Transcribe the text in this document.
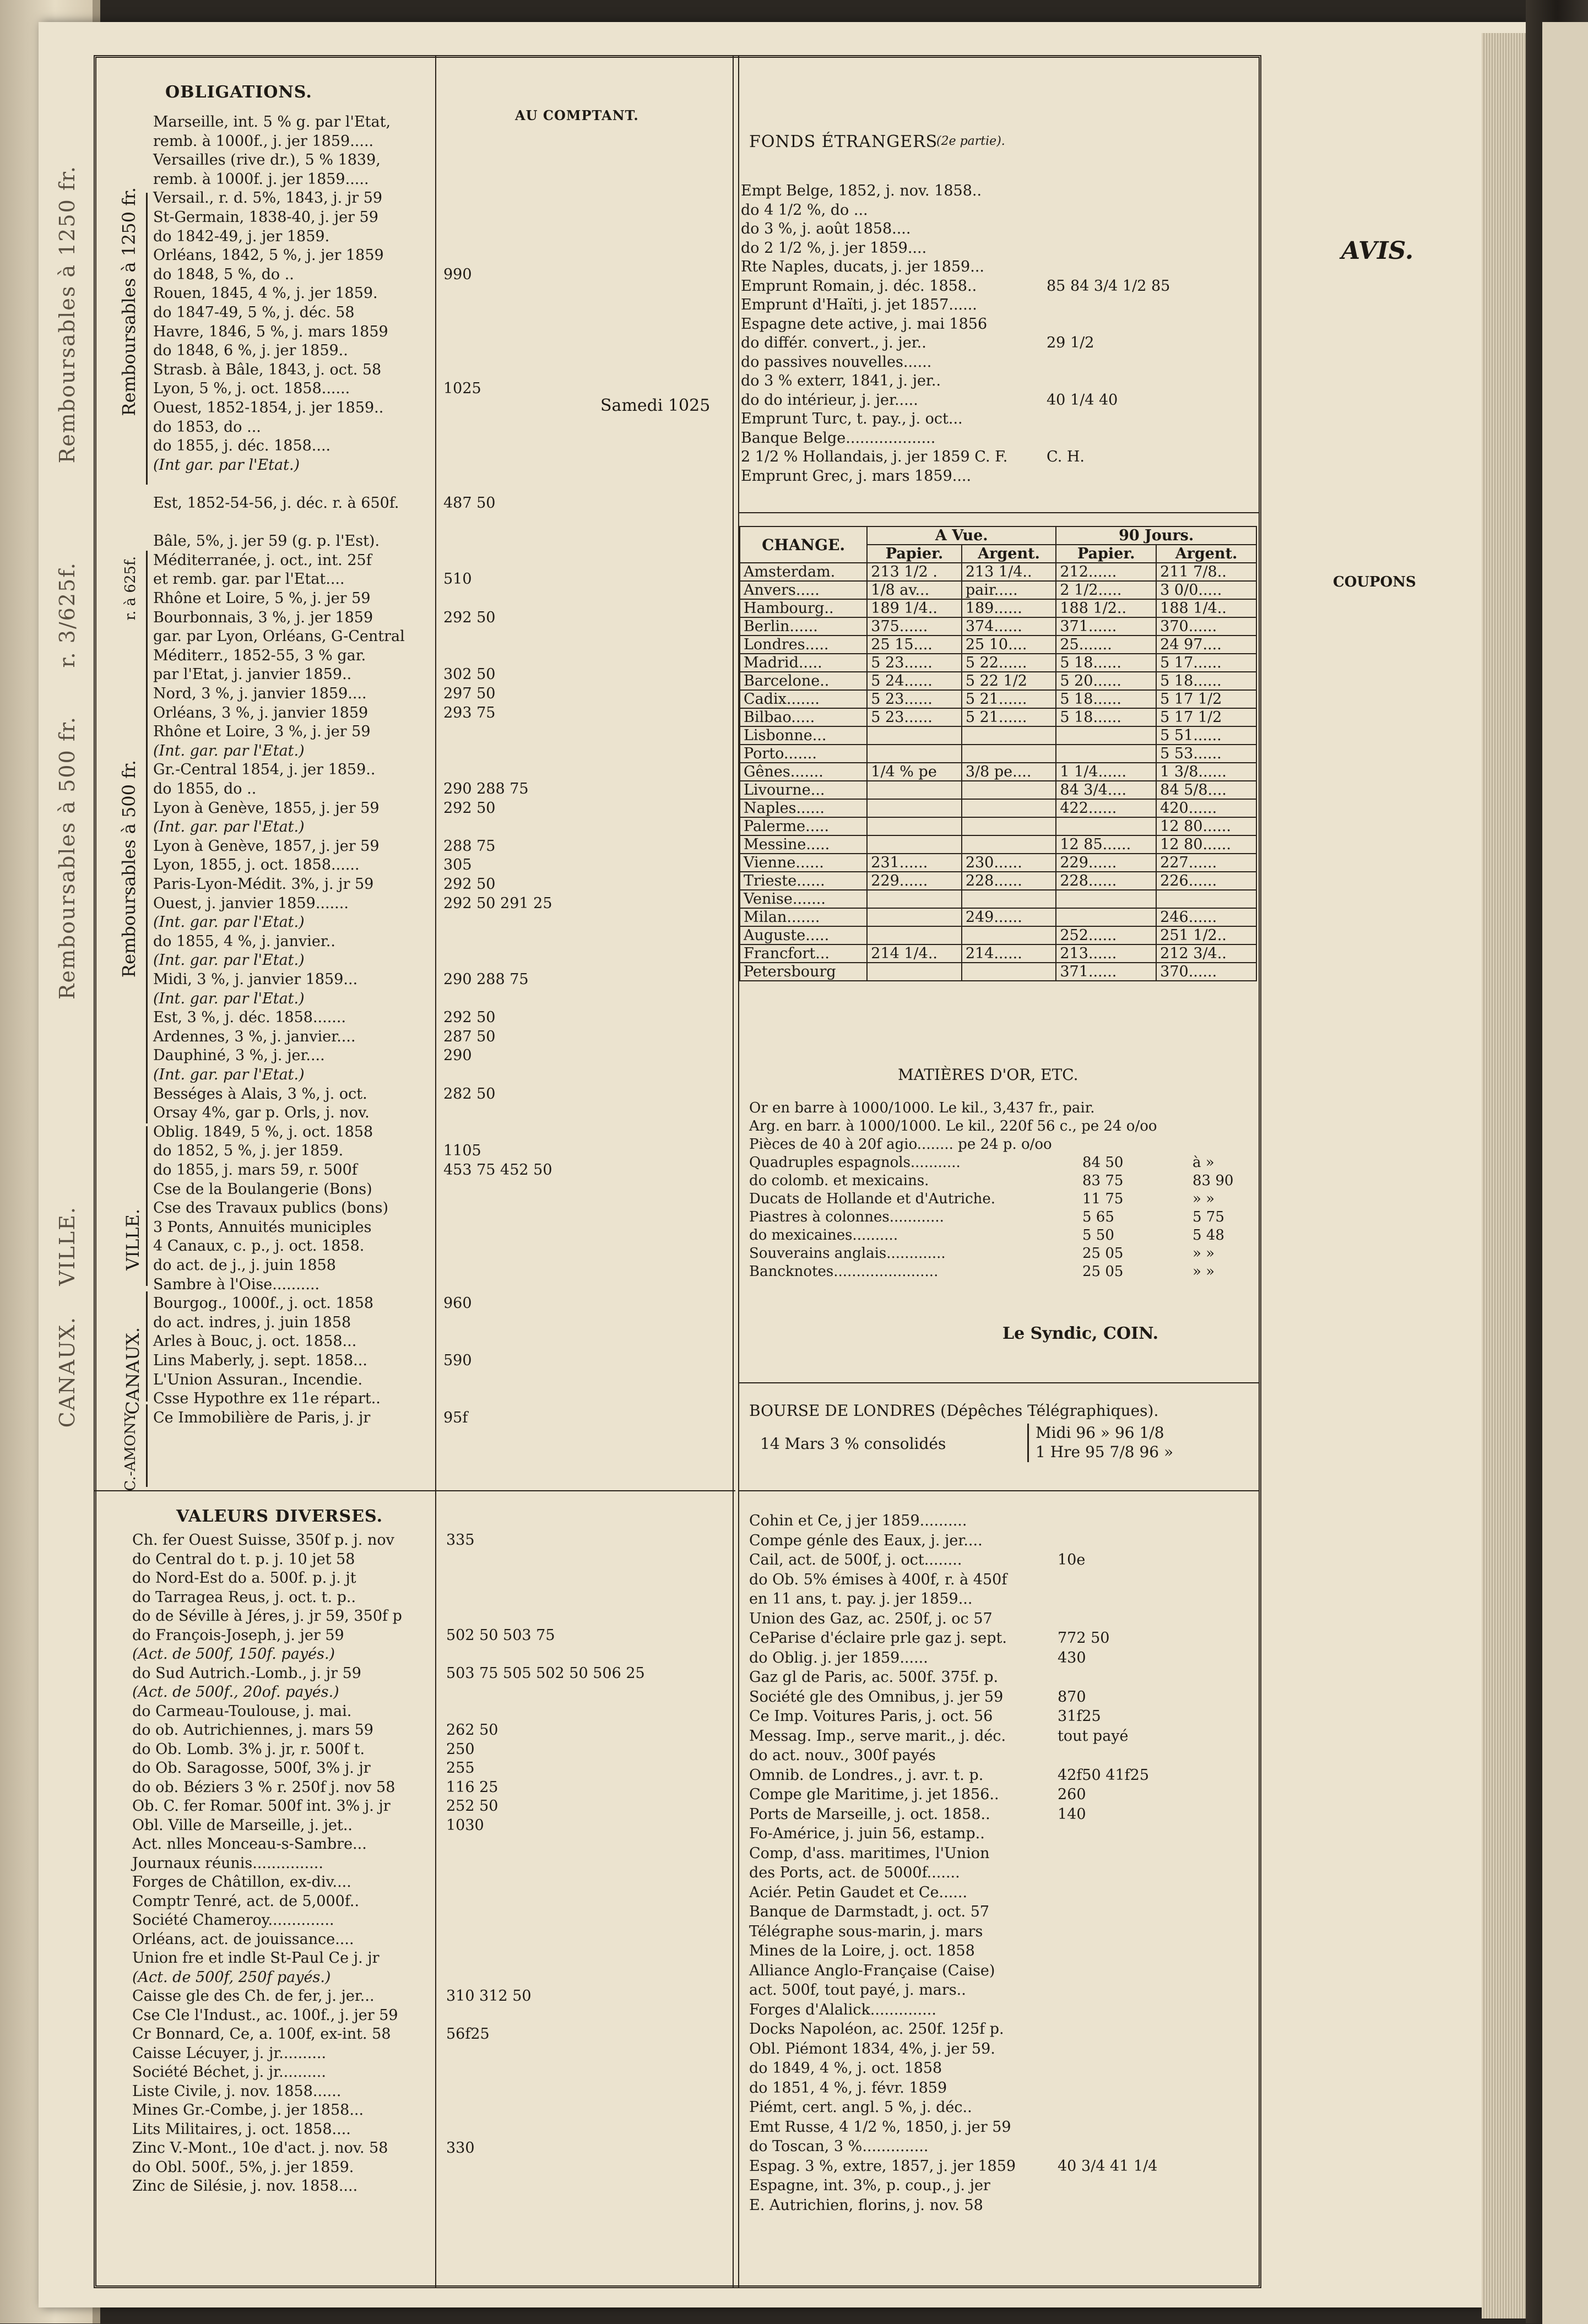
Remboursables à 1250 fr.
r. 3/625f.
Remboursables à 500 fr.
VILLE.
CANAUX.
OBLIGATIONS.
AU COMPTANT.
Samedi 1025
Remboursables à 1250 fr.
r. à 625f.
Remboursables à 500 fr.
VILLE.
CANAUX.
C.-AMONY
Marseille, int. 5 % g. par l'Etat,
remb. à 1000f., j. jer 1859.....
Versailles (rive dr.), 5 % 1839,
remb. à 1000f. j. jer 1859.....
Versail., r. d. 5%, 1843, j. jr 59
St-Germain, 1838-40, j. jer 59
do 1842-49, j. jer 1859.
Orléans, 1842, 5 %, j. jer 1859
do 1848, 5 %, do ..	990
Rouen, 1845, 4 %, j. jer 1859.
do 1847-49, 5 %, j. déc. 58
Havre, 1846, 5 %, j. mars 1859
do 1848, 6 %, j. jer 1859..
Strasb. à Bâle, 1843, j. oct. 58
Lyon, 5 %, j. oct. 1858......	1025
Ouest, 1852-1854, j. jer 1859..
do 1853, do ...
do 1855, j. déc. 1858....
(Int gar. par l'Etat.)
Est, 1852-54-56, j. déc. r. à 650f.	487 50
Bâle, 5%, j. jer 59 (g. p. l'Est).
Méditerranée, j. oct., int. 25f
et remb. gar. par l'Etat....	510
Rhône et Loire, 5 %, j. jer 59
Bourbonnais, 3 %, j. jer 1859	292 50
gar. par Lyon, Orléans, G-Central
Méditerr., 1852-55, 3 % gar.
par l'Etat, j. janvier 1859..	302 50
Nord, 3 %, j. janvier 1859....	297 50
Orléans, 3 %, j. janvier 1859	293 75
Rhône et Loire, 3 %, j. jer 59
(Int. gar. par l'Etat.)
Gr.-Central 1854, j. jer 1859..
do 1855, do ..	290 288 75
Lyon à Genève, 1855, j. jer 59	292 50
(Int. gar. par l'Etat.)
Lyon à Genève, 1857, j. jer 59	288 75
Lyon, 1855, j. oct. 1858......	305
Paris-Lyon-Médit. 3%, j. jr 59	292 50
Ouest, j. janvier 1859.......	292 50 291 25
(Int. gar. par l'Etat.)
do 1855, 4 %, j. janvier..
(Int. gar. par l'Etat.)
Midi, 3 %, j. janvier 1859...	290 288 75
(Int. gar. par l'Etat.)
Est, 3 %, j. déc. 1858.......	292 50
Ardennes, 3 %, j. janvier....	287 50
Dauphiné, 3 %, j. jer....	290
(Int. gar. par l'Etat.)
Bességes à Alais, 3 %, j. oct.	282 50
Orsay 4%, gar p. Orls, j. nov.
Oblig. 1849, 5 %, j. oct. 1858
do 1852, 5 %, j. jer 1859.	1105
do 1855, j. mars 59, r. 500f	453 75 452 50
Cse de la Boulangerie (Bons)
Cse des Travaux publics (bons)
3 Ponts, Annuités municiples
4 Canaux, c. p., j. oct. 1858.
do act. de j., j. juin 1858
Sambre à l'Oise..........
Bourgog., 1000f., j. oct. 1858	960
do act. indres, j. juin 1858
Arles à Bouc, j. oct. 1858...
Lins Maberly, j. sept. 1858...	590
L'Union Assuran., Incendie.
Csse Hypothre ex 11e répart..
Ce Immobilière de Paris, j. jr	95f
VALEURS DIVERSES.
Ch. fer Ouest Suisse, 350f p. j. nov	335
do Central do t. p. j. 10 jet 58
do Nord-Est do a. 500f. p. j. jt
do Tarragea Reus, j. oct. t. p..
do de Séville à Jéres, j. jr 59, 350f p
do François-Joseph, j. jer 59	502 50 503 75
(Act. de 500f, 150f. payés.)
do Sud Autrich.-Lomb., j. jr 59	503 75 505 502 50 506 25
(Act. de 500f., 20of. payés.)
do Carmeau-Toulouse, j. mai.
do ob. Autrichiennes, j. mars 59	262 50
do Ob. Lomb. 3% j. jr, r. 500f t.	250
do Ob. Saragosse, 500f, 3% j. jr	255
do ob. Béziers 3 % r. 250f j. nov 58	116 25
Ob. C. fer Romar. 500f int. 3% j. jr	252 50
Obl. Ville de Marseille, j. jet..	1030
Act. nlles Monceau-s-Sambre...
Journaux réunis...............
Forges de Châtillon, ex-div....
Comptr Tenré, act. de 5,000f..
Société Chameroy..............
Orléans, act. de jouissance....
Union fre et indle St-Paul Ce j. jr
(Act. de 500f, 250f payés.)
Caisse gle des Ch. de fer, j. jer...	310 312 50
Cse Cle l'Indust., ac. 100f., j. jer 59
Cr Bonnard, Ce, a. 100f, ex-int. 58	56f25
Caisse Lécuyer, j. jr..........
Société Béchet, j. jr..........
Liste Civile, j. nov. 1858......
Mines Gr.-Combe, j. jer 1858...
Lits Militaires, j. oct. 1858....
Zinc V.-Mont., 10e d'act. j. nov. 58	330
do Obl. 500f., 5%, j. jer 1859.
Zinc de Silésie, j. nov. 1858....
FONDS ÉTRANGERS
(2e partie).
Empt Belge, 1852, j. nov. 1858..
do 4 1/2 %, do ...
do 3 %, j. août 1858....
do 2 1/2 %, j. jer 1859....
Rte Naples, ducats, j. jer 1859...
Emprunt Romain, j. déc. 1858..	85 84 3/4 1/2 85
Emprunt d'Haïti, j. jet 1857......
Espagne dete active, j. mai 1856
do différ. convert., j. jer..	29 1/2
do passives nouvelles......
do 3 % exterr, 1841, j. jer..
do do intérieur, j. jer.....	40 1/4 40
Emprunt Turc, t. pay., j. oct...
Banque Belge...................
2 1/2 % Hollandais, j. jer 1859 C. F.	C. H.
Emprunt Grec, j. mars 1859....
CHANGE.	A Vue.		90 Jours.	
	Papier.	Argent.	Papier.	Argent.
Amsterdam.	213 1/2 .	213 1/4..	212......	211 7/8..
Anvers.....	1/8 av...	pair.....	2 1/2.....	3 0/0.....
Hambourg..	189 1/4..	189......	188 1/2..	188 1/4..
Berlin......	375......	374......	371......	370......
Londres.....	25 15....	25 10....	25.......	24 97....
Madrid.....	5 23......	5 22......	5 18......	5 17......
Barcelone..	5 24......	5 22 1/2	5 20......	5 18......
Cadix.......	5 23......	5 21......	5 18......	5 17 1/2
Bilbao.....	5 23......	5 21......	5 18......	5 17 1/2
Lisbonne...				5 51......
Porto.......				5 53......
Gênes.......	1/4 % pe	3/8 pe....	1 1/4......	1 3/8......
Livourne...			84 3/4....	84 5/8....
Naples......			422......	420......
Palerme.....				12 80......
Messine.....			12 85......	12 80......
Vienne......	231......	230......	229......	227......
Trieste......	229......	228......	228......	226......
Venise.......				
Milan.......		249......		246......
Auguste.....			252......	251 1/2..
Francfort...	214 1/4..	214......	213......	212 3/4..
Petersbourg			371......	370......
MATIÈRES D'OR, ETC.
Or en barre à 1000/1000. Le kil., 3,437 fr., pair.
Arg. en barr. à 1000/1000. Le kil., 220f 56 c., pe 24 o/oo
Pièces de 40 à 20f agio........ pe 24 p. o/oo
Quadruples espagnols...........	84 50	à »
do colomb. et mexicains.	83 75	83 90
Ducats de Hollande et d'Autriche.	11 75	» »
Piastres à colonnes............	5 65	5 75
do mexicaines..........	5 50	5 48
Souverains anglais.............	25 05	» »
Bancknotes.......................	25 05	» »
Le Syndic, COIN.
BOURSE DE LONDRES (Dépêches Télégraphiques).
14 Mars 3 % consolidés
Midi 96 » 96 1/8
1 Hre 95 7/8 96 »
Cohin et Ce, j jer 1859..........
Compe génle des Eaux, j. jer....
Cail, act. de 500f, j. oct........	10e
do Ob. 5% émises à 400f, r. à 450f
en 11 ans, t. pay. j. jer 1859...
Union des Gaz, ac. 250f, j. oc 57
CeParise d'éclaire prle gaz j. sept.	772 50
do Oblig. j. jer 1859......	430
Gaz gl de Paris, ac. 500f. 375f. p.
Société gle des Omnibus, j. jer 59	870
Ce Imp. Voitures Paris, j. oct. 56	31f25
Messag. Imp., serve marit., j. déc.	tout payé
do act. nouv., 300f payés
Omnib. de Londres., j. avr. t. p.	42f50 41f25
Compe gle Maritime, j. jet 1856..	260
Ports de Marseille, j. oct. 1858..	140
Fo-Américe, j. juin 56, estamp..
Comp, d'ass. maritimes, l'Union
des Ports, act. de 5000f.......
Aciér. Petin Gaudet et Ce......
Banque de Darmstadt, j. oct. 57
Télégraphe sous-marin, j. mars
Mines de la Loire, j. oct. 1858
Alliance Anglo-Française (Caise)
act. 500f, tout payé, j. mars..
Forges d'Alalick..............
Docks Napoléon, ac. 250f. 125f p.
Obl. Piémont 1834, 4%, j. jer 59.
do 1849, 4 %, j. oct. 1858
do 1851, 4 %, j. févr. 1859
Piémt, cert. angl. 5 %, j. déc..
Emt Russe, 4 1/2 %, 1850, j. jer 59
do Toscan, 3 %..............
Espag. 3 %, extre, 1857, j. jer 1859	40 3/4 41 1/4
Espagne, int. 3%, p. coup., j. jer
E. Autrichien, florins, j. nov. 58
AVIS.
COUPONS
